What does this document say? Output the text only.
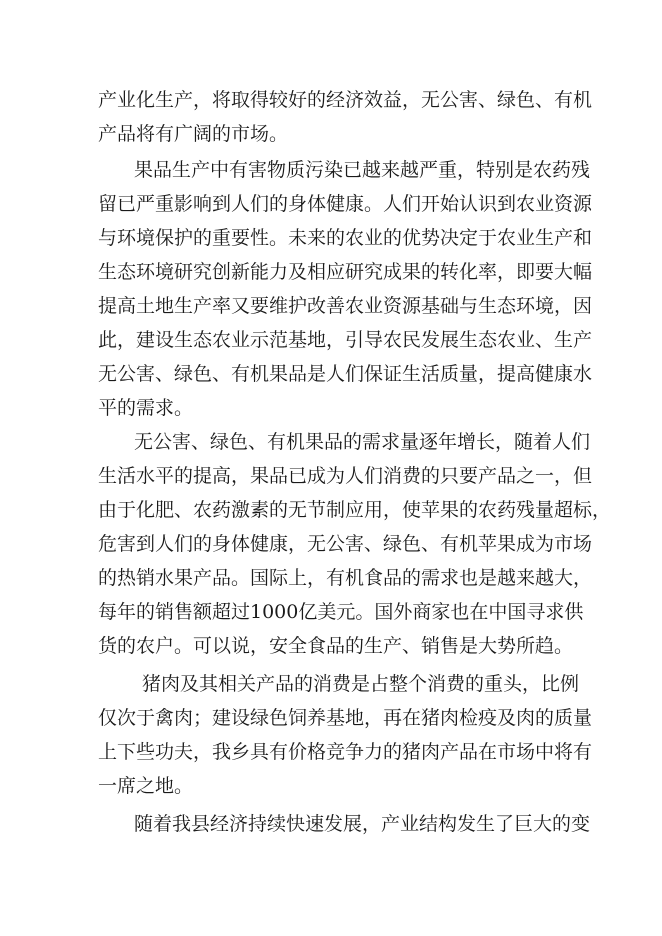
产业化生产，将取得较好的经济效益，无公害、绿色、有机

产品将有广阔的市场。

果品生产中有害物质污染已越来越严重，特别是农药残

留已严重影响到人们的身体健康。人们开始认识到农业资源

与环境保护的重要性。未来的农业的优势决定于农业生产和

生态环境研究创新能力及相应研究成果的转化率，即要大幅

提高土地生产率又要维护改善农业资源基础与生态环境，因

此，建设生态农业示范基地，引导农民发展生态农业、生产

无公害、绿色、有机果品是人们保证生活质量，提高健康水

平的需求。

无公害、绿色、有机果品的需求量逐年增长，随着人们

生活水平的提高，果品已成为人们消费的只要产品之一，但

由于化肥、农药激素的无节制应用，使苹果的农药残量超标，

危害到人们的身体健康，无公害、绿色、有机苹果成为市场

的热销水果产品。国际上，有机食品的需求也是越来越大，

每年的销售额超过1000亿美元。国外商家也在中国寻求供

货的农户。可以说，安全食品的生产、销售是大势所趋。

猪肉及其相关产品的消费是占整个消费的重头，比例

仅次于禽肉；建设绿色饲养基地，再在猪肉检疫及肉的质量

上下些功夫，我乡具有价格竞争力的猪肉产品在市场中将有

一席之地。

随着我县经济持续快速发展，产业结构发生了巨大的变
